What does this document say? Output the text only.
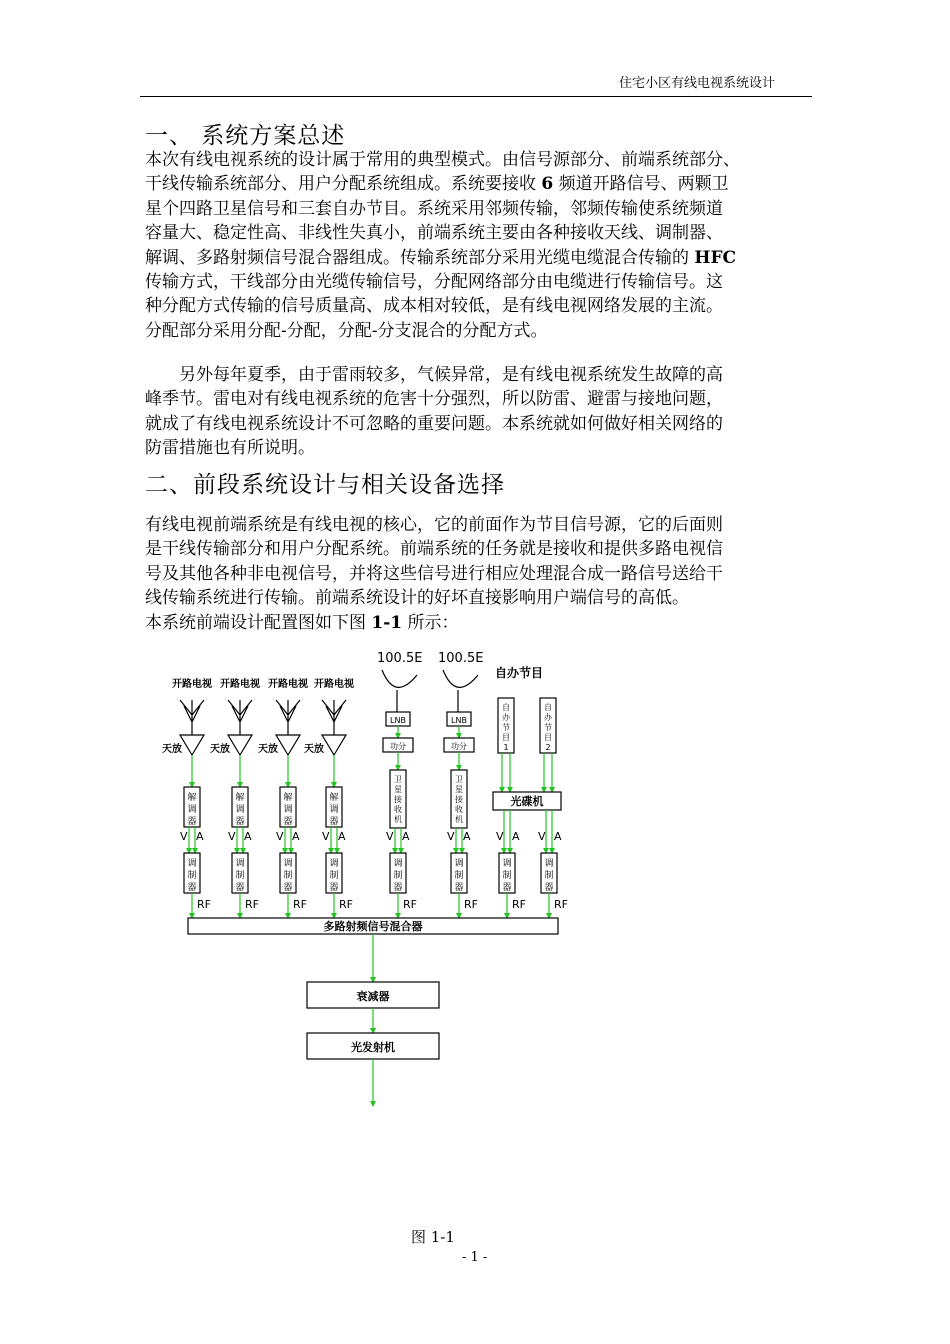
住宅小区有线电视系统设计
一、 系统方案总述

本次有线电视系统的设计属于常用的典型模式。由信号源部分、前端系统部分、

干线传输系统部分、用户分配系统组成。系统要接收 6 频道开路信号、两颗卫

星个四路卫星信号和三套自办节目。系统采用邻频传输，邻频传输使系统频道

容量大、稳定性高、非线性失真小，前端系统主要由各种接收天线、调制器、

解调、多路射频信号混合器组成。传输系统部分采用光缆电缆混合传输的 HFC

传输方式，干线部分由光缆传输信号，分配网络部分由电缆进行传输信号。这

种分配方式传输的信号质量高、成本相对较低，是有线电视网络发展的主流。

分配部分采用分配-分配，分配-分支混合的分配方式。

另外每年夏季，由于雷雨较多，气候异常，是有线电视系统发生故障的高

峰季节。雷电对有线电视系统的危害十分强烈，所以防雷、避雷与接地问题，

就成了有线电视系统设计不可忽略的重要问题。本系统就如何做好相关网络的

防雷措施也有所说明。

二、前段系统设计与相关设备选择

有线电视前端系统是有线电视的核心，它的前面作为节目信号源，它的后面则

是干线传输部分和用户分配系统。前端系统的任务就是接收和提供多路电视信

号及其他各种非电视信号，并将这些信号进行相应处理混合成一路信号送给干

线传输系统进行传输。前端系统设计的好坏直接影响用户端信号的高低。

本系统前端设计配置图如下图 1-1 所示：

开路电视
天放
解调器
V A
调制器
RF
开路电视
天放
解调器
V A
调制器
RF
开路电视
天放
解调器
V A
调制器
RF
开路电视
天放
解调器
V A
调制器
RF
100.5E
LNB
功分
卫星接收机
V A
调制器
RF
100.5E
LNB
功分
卫星接收机
V A
调制器
RF
自办节目
自办节目 1
自办节目 2
光碟机
V A
调制器
RF
V A
调制器
RF
多路射频信号混合器
衰减器
光发射机
图 1-1
- 1 -
